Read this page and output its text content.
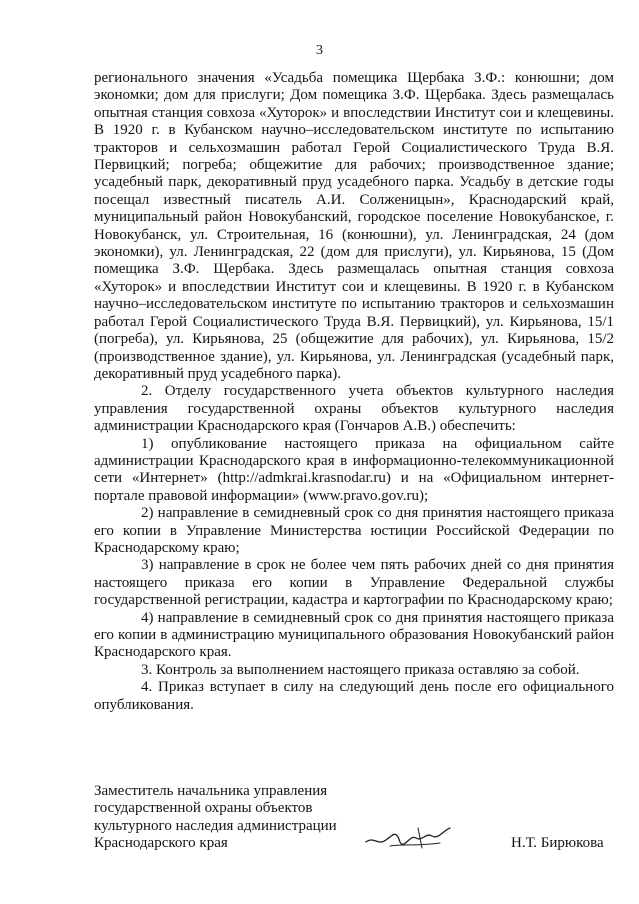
3

регионального значения «Усадьба помещика Щербака З.Ф.: конюшни; дом экономки; дом для прислуги; Дом помещика З.Ф. Щербака. Здесь размещалась опытная станция совхоза «Хуторок» и впоследствии Институт сои и клещевины. В 1920 г. в Кубанском научно–исследовательском институте по испытанию тракторов и сельхозмашин работал Герой Социалистического Труда В.Я. Первицкий; погреба; общежитие для рабочих; производственное здание; усадебный парк, декоративный пруд усадебного парка. Усадьбу в детские годы посещал известный писатель А.И. Солженицын», Краснодарский край, муниципальный район Новокубанский, городское поселение Новокубанское, г. Новокубанск, ул. Строительная, 16 (конюшни), ул. Ленинградская, 24 (дом экономки), ул. Ленинградская, 22 (дом для прислуги), ул. Кирьянова, 15 (Дом помещика З.Ф. Щербака. Здесь размещалась опытная станция совхоза «Хуторок» и впоследствии Институт сои и клещевины. В 1920 г. в Кубанском научно–исследовательском институте по испытанию тракторов и сельхозмашин работал Герой Социалистического Труда В.Я. Первицкий), ул. Кирьянова, 15/1 (погреба), ул. Кирьянова, 25 (общежитие для рабочих), ул. Кирьянова, 15/2 (производственное здание), ул. Кирьянова, ул. Ленинградская (усадебный парк, декоративный пруд усадебного парка).

2. Отделу государственного учета объектов культурного наследия управления государственной охраны объектов культурного наследия администрации Краснодарского края (Гончаров А.В.) обеспечить:

1) опубликование настоящего приказа на официальном сайте администрации Краснодарского края в информационно-телекоммуникационной сети «Интернет» (http://admkrai.krasnodar.ru) и на «Официальном интернет-портале правовой информации» (www.pravo.gov.ru);

2) направление в семидневный срок со дня принятия настоящего приказа его копии в Управление Министерства юстиции Российской Федерации по Краснодарскому краю;

3) направление в срок не более чем пять рабочих дней со дня принятия настоящего приказа его копии в Управление Федеральной службы государственной регистрации, кадастра и картографии по Краснодарскому краю;

4) направление в семидневный срок со дня принятия настоящего приказа его копии в администрацию муниципального образования Новокубанский район Краснодарского края.

3. Контроль за выполнением настоящего приказа оставляю за собой.

4. Приказ вступает в силу на следующий день после его официального опубликования.

Заместитель начальника управления
государственной охраны объектов
культурного наследия администрации
Краснодарского края	Н.Т. Бирюкова
